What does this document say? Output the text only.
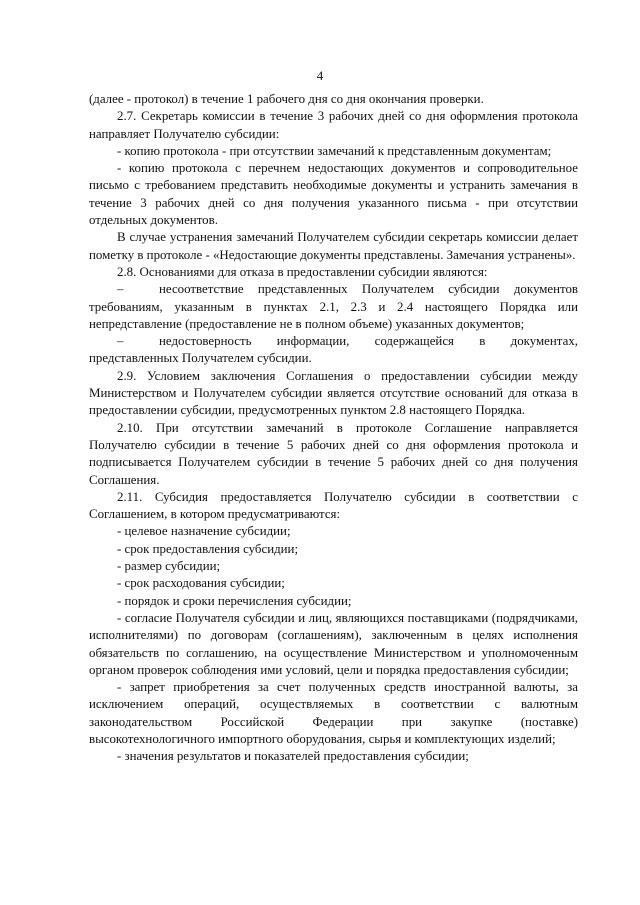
4

(далее - протокол) в течение 1 рабочего дня со дня окончания проверки.

2.7. Секретарь комиссии в течение 3 рабочих дней со дня оформления протокола направляет Получателю субсидии:

- копию протокола - при отсутствии замечаний к представленным документам;

- копию протокола с перечнем недостающих документов и сопроводительное письмо с требованием представить необходимые документы и устранить замечания в течение 3 рабочих дней со дня получения указанного письма - при отсутствии отдельных документов.

В случае устранения замечаний Получателем субсидии секретарь комиссии делает пометку в протоколе - «Недостающие документы представлены. Замечания устранены».

2.8. Основаниями для отказа в предоставлении субсидии являются:

–	несоответствие представленных Получателем субсидии документов требованиям, указанным в пунктах 2.1, 2.3 и 2.4 настоящего Порядка или непредставление (предоставление не в полном объеме) указанных документов;

–	недостоверность информации, содержащейся в документах, представленных Получателем субсидии.

2.9. Условием заключения Соглашения о предоставлении субсидии между Министерством и Получателем субсидии является отсутствие оснований для отказа в предоставлении субсидии, предусмотренных пунктом 2.8 настоящего Порядка.

2.10. При отсутствии замечаний в протоколе Соглашение направляется Получателю субсидии в течение 5 рабочих дней со дня оформления протокола и подписывается Получателем субсидии в течение 5 рабочих дней со дня получения Соглашения.

2.11. Субсидия предоставляется Получателю субсидии в соответствии с Соглашением, в котором предусматриваются:

- целевое назначение субсидии;

- срок предоставления субсидии;

- размер субсидии;

- срок расходования субсидии;

- порядок и сроки перечисления субсидии;

- согласие Получателя субсидии и лиц, являющихся поставщиками (подрядчиками, исполнителями) по договорам (соглашениям), заключенным в целях исполнения обязательств по соглашению, на осуществление Министерством и уполномоченным органом проверок соблюдения ими условий, цели и порядка предоставления субсидии;

- запрет приобретения за счет полученных средств иностранной валюты, за исключением операций, осуществляемых в соответствии с валютным законодательством Российской Федерации при закупке (поставке) высокотехнологичного импортного оборудования, сырья и комплектующих изделий;

- значения результатов и показателей предоставления субсидии;
